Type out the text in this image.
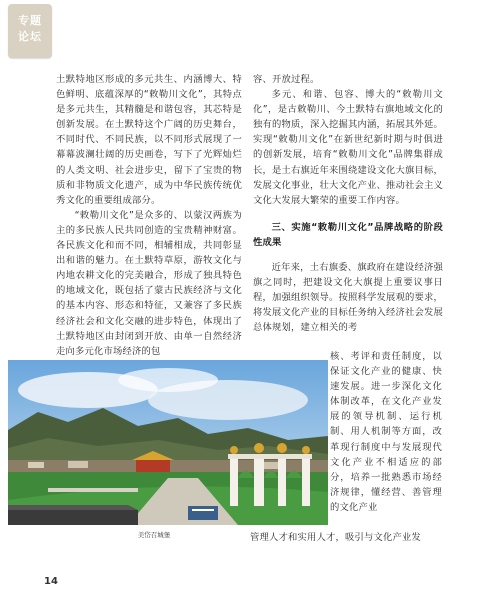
专题
论坛

土默特地区形成的多元共生、内涵博大、特色鲜明、底蕴深厚的“敕勒川文化”，其特点是多元共生，其精髓是和谐包容，其芯特是创新发展。在土默特这个广阔的历史舞台，不同时代、不同民族，以不同形式展现了一幕幕波澜壮阔的历史画卷，写下了光辉灿烂的人类文明、社会进步史，留下了宝贵的物质和非物质文化遗产，成为中华民族传统优秀文化的重要组成部分。

“敕勒川文化”是众多的、以蒙汉两族为主的多民族人民共同创造的宝贵精神财富。各民族文化和而不同，相辅相成，共同彰显出和谐的魅力。在土默特草原，游牧文化与内地农耕文化的完美融合，形成了独具特色的地域文化，既包括了蒙古民族经济与文化的基本内容、形态和特征，又兼容了多民族经济社会和文化交融的进步特色，体现出了土默特地区由封闭到开放、由单一自然经济走向多元化市场经济的包

容、开放过程。

多元、和谐、包容、博大的“敕勒川文化”，是古敕勒川、今土默特右旗地域文化的独有的物质，深入挖掘其内涵，拓展其外延。实现“敕勒川文化”在新世纪新时期与时俱进的创新发展，培育“敕勒川文化”品牌集群成长，是土右旗近年来围绕建设文化大旗目标，发展文化事业，壮大文化产业、推动社会主义文化大发展大繁荣的重要工作内容。

三、实施“敕勒川文化”品牌战略的阶段性成果

近年来，土右旗委、旗政府在建设经济强旗之同时，把建设文化大旗提上重要议事日程，加强组织领导。按照科学发展观的要求，将发展文化产业的目标任务纳入经济社会发展总体规划，建立相关的考

美岱召城堡
核、考评和责任制度，以保证文化产业的健康、快速发展。进一步深化文化体制改革，在文化产业发展的领导机制、运行机制、用人机制等方面，改革现行制度中与发展现代文化产业不相适应的部分，培养一批熟悉市场经济规律，懂经营、善管理的文化产业
管理人才和实用人才，吸引与文化产业发
14
